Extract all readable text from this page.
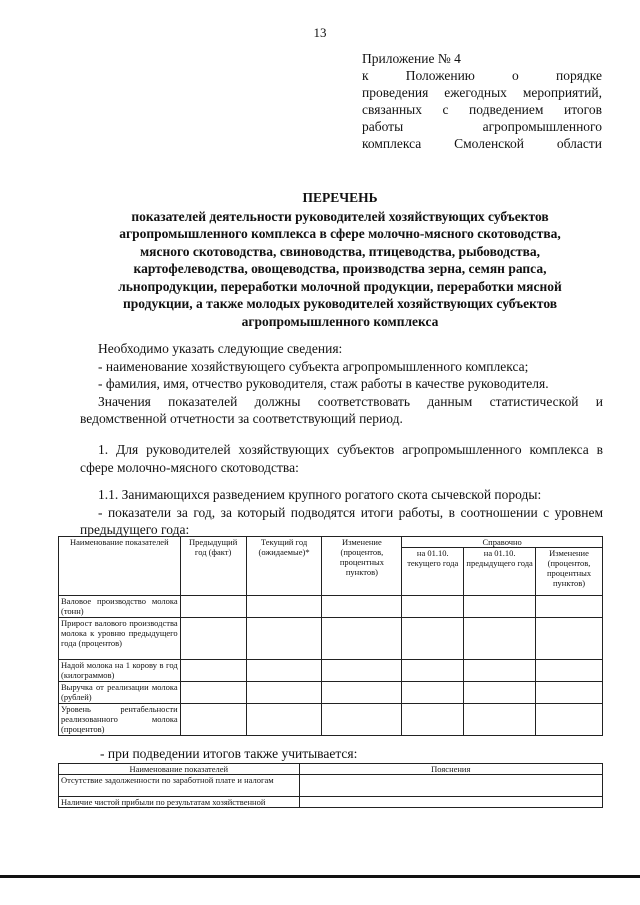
13
Приложение № 4
к Положению о порядке
проведения ежегодных мероприятий,
связанных с подведением итогов
работы агропромышленного
комплекса Смоленской области
ПЕРЕЧЕНЬ
показателей деятельности руководителей хозяйствующих субъектов
агропромышленного комплекса в сфере молочно-мясного скотоводства,
мясного скотоводства, свиноводства, птицеводства, рыбоводства,
картофелеводства, овощеводства, производства зерна, семян рапса,
льнопродукции, переработки молочной продукции, переработки мясной
продукции, а также молодых руководителей хозяйствующих субъектов
агропромышленного комплекса
Необходимо указать следующие сведения:
- наименование хозяйствующего субъекта агропромышленного комплекса;
- фамилия, имя, отчество руководителя, стаж работы в качестве руководителя.
Значения показателей должны соответствовать данным статистической и ведомственной отчетности за соответствующий период.
1. Для руководителей хозяйствующих субъектов агропромышленного комплекса в сфере молочно-мясного скотоводства:
1.1. Занимающихся разведением крупного рогатого скота сычевской породы:
- показатели за год, за который подводятся итоги работы, в соотношении с уровнем предыдущего года:
Наименование показателей	Предыдущий год (факт)	Текущий год (ожидаемые)*	Изменение (процентов, процентных пунктов)	Справочно		
				на 01.10. текущего года	на 01.10. предыдущего года	Изменение (процентов, процентных пунктов)
Валовое производство молока (тонн)						
Прирост валового производства молока к уровню предыдущего года (процентов)						
Надой молока на 1 корову в год (килограммов)						
Выручка от реализации молока (рублей)						
Уровень рентабельности реализованного молока (процентов)						
- при подведении итогов также учитывается:
Наименование показателей	Пояснения
Отсутствие задолженности по заработной плате и налогам	
Наличие чистой прибыли по результатам хозяйственной	
